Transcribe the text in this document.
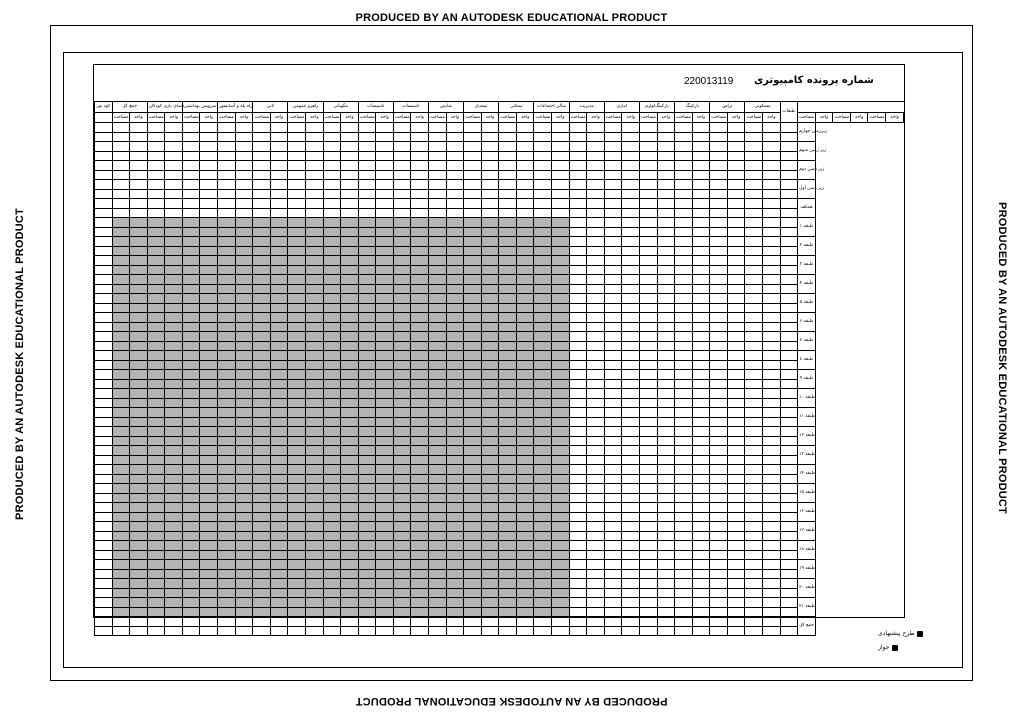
PRODUCED BY AN AUTODESK EDUCATIONAL PRODUCT
PRODUCED BY AN AUTODESK EDUCATIONAL PRODUCT
PRODUCED BY AN AUTODESK EDUCATIONAL PRODUCT	PRODUCED BY AN AUTODESK EDUCATIONAL PRODUCT
220013119 شماره پرونده کامپیوتری
کود نور	جمع کل		فضای بازی کودکان		سرویس بهداشتی		راه پله و آسانسور		لابی		راهرو عمومی		مگهبانی		تاسیسات		تاسیسات		نمایش		نیمه‌باز		نیمکتی		سالن اجتماعات		مدیریت		انباری		پارکینگ‌لوازم		بارکینگ		تراس		مسکونی		طبقات						
	مساحت	واحد	مساحت	واحد	مساحت	واحد	مساحت	واحد	مساحت	واحد	مساحت	واحد	مساحت	واحد	مساحت	واحد	مساحت	واحد	مساحت	واحد	مساحت	واحد	مساحت	واحد	مساحت	واحد	مساحت	واحد	مساحت	واحد	مساحت	واحد	مساحت	واحد	مساحت	واحد	مساحت	واحد		مساحت	واحد	مساحت	واحد	مساحت	واحد
																																								زیرزمین چهارم					

																																								زیر زمین سوم					

																																								زیر زمین دوم					

																																								زیر زمین اول					

																																								همکف					

																																								طبقه ۱					

																																								طبقه ۲					

																																								طبقه ۳					

																																								طبقه ۴					

																																								طبقه ۵					

																																								طبقه ۶					

																																								طبقه ۷					

																																								طبقه ۸					

																																								طبقه ۹					

																																								طبقه ۱۰					

																																								طبقه ۱۱					

																																								طبقه ۱۲					

																																								طبقه ۱۳					

																																								طبقه ۱۴					

																																								طبقه ۱۵					

																																								طبقه ۱۶					

																																								طبقه ۱۷					

																																								طبقه ۱۸					

																																								طبقه ۱۹					

																																								طبقه ۲۰					

																																								طبقه ۲۱					

																																								جمع کل					

طرح پیشنهادی
جواز
